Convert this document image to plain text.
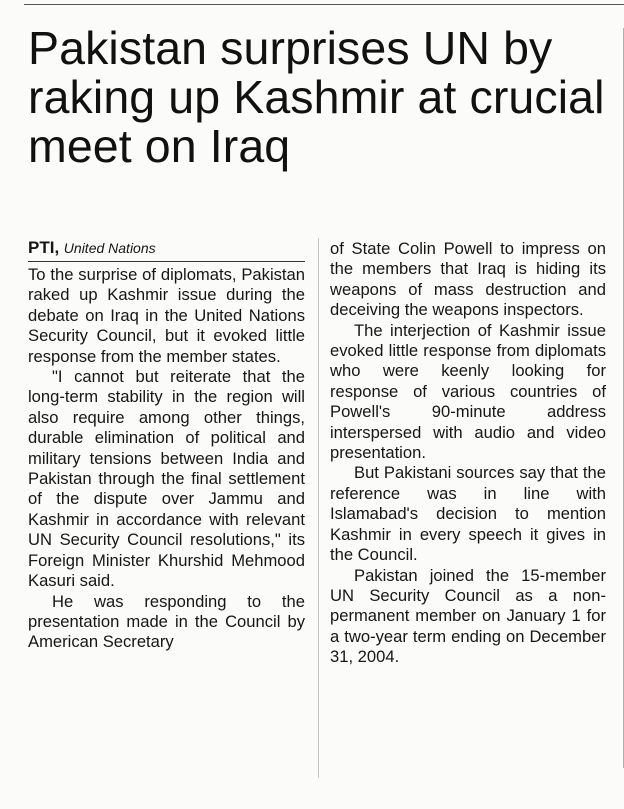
Pakistan surprises UN by raking up Kashmir at crucial meet on Iraq
PTI, United Nations

To the surprise of diplomats, Pakistan raked up Kashmir issue during the debate on Iraq in the United Nations Security Council, but it evoked little response from the member states.

"I cannot but reiterate that the long-term stability in the region will also require among other things, durable elimination of political and military tensions between India and Pakistan through the final settlement of the dispute over Jammu and Kashmir in accordance with relevant UN Security Council resolutions," its Foreign Minister Khurshid Mehmood Kasuri said.

He was responding to the presentation made in the Council by American Secretary

of State Colin Powell to impress on the members that Iraq is hiding its weapons of mass destruction and deceiving the weapons inspectors.

The interjection of Kashmir issue evoked little response from diplomats who were keenly looking for response of various countries of Powell's 90-minute address interspersed with audio and video presentation.

But Pakistani sources say that the reference was in line with Islamabad's decision to mention Kashmir in every speech it gives in the Council.

Pakistan joined the 15-member UN Security Council as a non-permanent member on January 1 for a two-year term ending on December 31, 2004.
